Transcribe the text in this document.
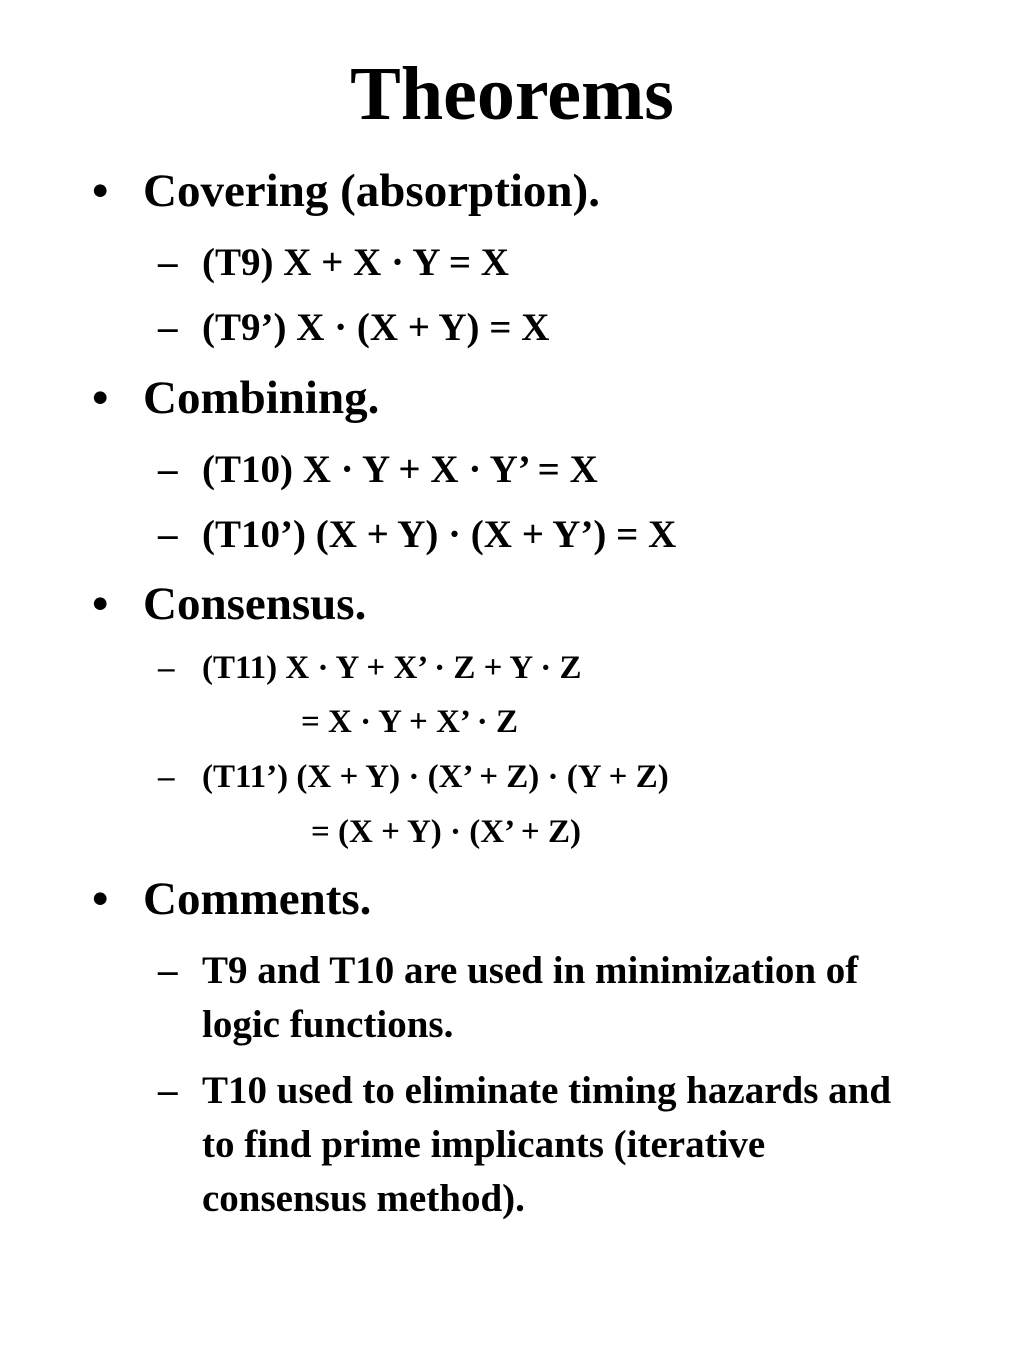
Theorems
• Covering (absorption).

– (T9) X + X · Y = X

– (T9’) X · (X + Y) = X

• Combining.

– (T10) X · Y + X · Y’ = X

– (T10’) (X + Y) · (X + Y’) = X

• Consensus.

– (T11) X · Y + X’ · Z + Y · Z

= X · Y + X’ · Z

– (T11’) (X + Y) · (X’ + Z) · (Y + Z)

= (X + Y) · (X’ + Z)

• Comments.

– T9 and T10 are used in minimization of logic functions.

– T10 used to eliminate timing hazards and to find prime implicants (iterative consensus method).
